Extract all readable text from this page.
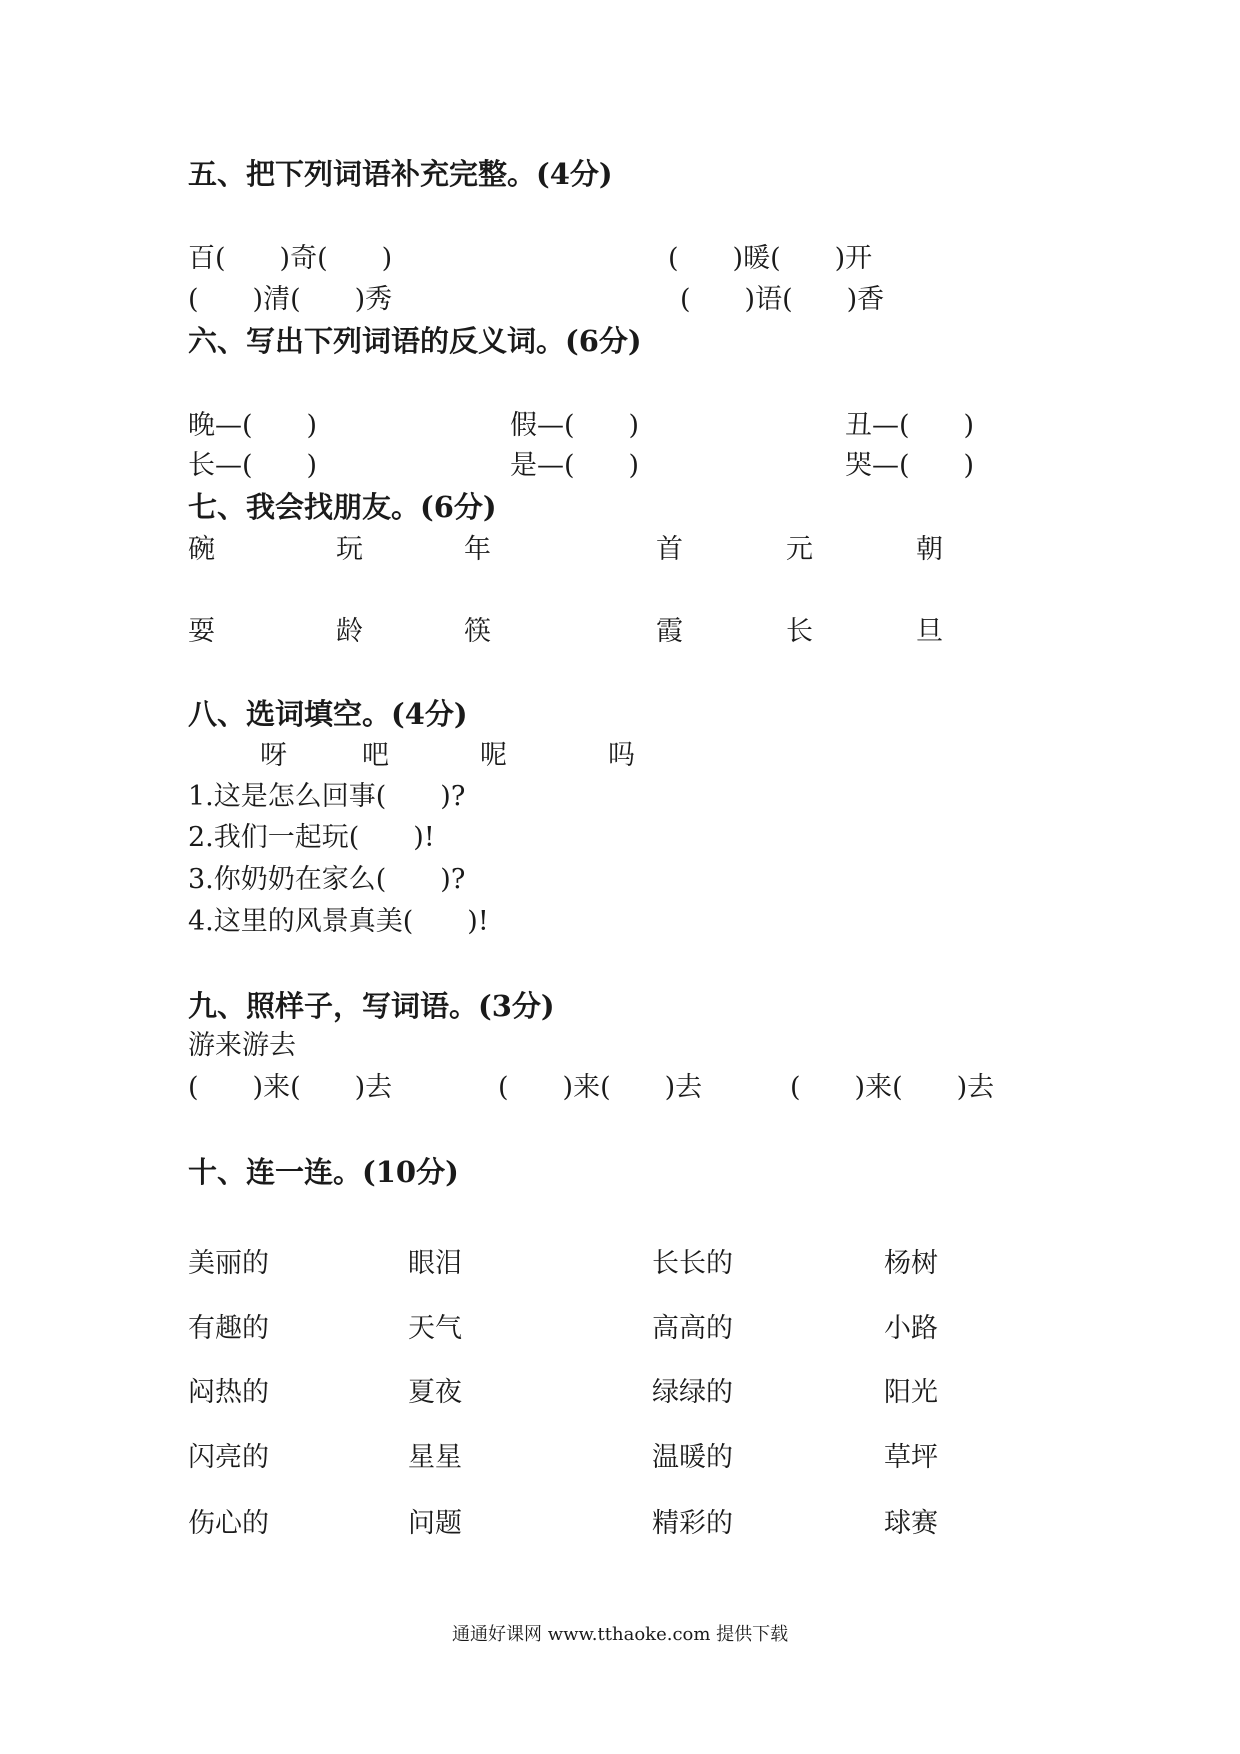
五、把下列词语补充完整。(4分)
百(　　)奇(　　)	(　　)暖(　　)开
(　　)清(　　)秀	(　　)语(　　)香
六、写出下列词语的反义词。(6分)
晚—(　　)	假—(　　)	丑—(　　)
长—(　　)	是—(　　)	哭—(　　)
七、我会找朋友。(6分)
碗	玩	年	首	元	朝
耍	龄	筷	霞	长	旦
八、选词填空。(4分)
呀	吧	呢	吗
1.这是怎么回事(　　)?
2.我们一起玩(　　)!
3.你奶奶在家么(　　)?
4.这里的风景真美(　　)!
九、照样子，写词语。(3分)
游来游去
(　　)来(　　)去	(　　)来(　　)去	(　　)来(　　)去
十、连一连。(10分)
美丽的	眼泪	长长的	杨树
有趣的	天气	高高的	小路
闷热的	夏夜	绿绿的	阳光
闪亮的	星星	温暖的	草坪
伤心的	问题	精彩的	球赛
通通好课网 www.tthaoke.com 提供下载
